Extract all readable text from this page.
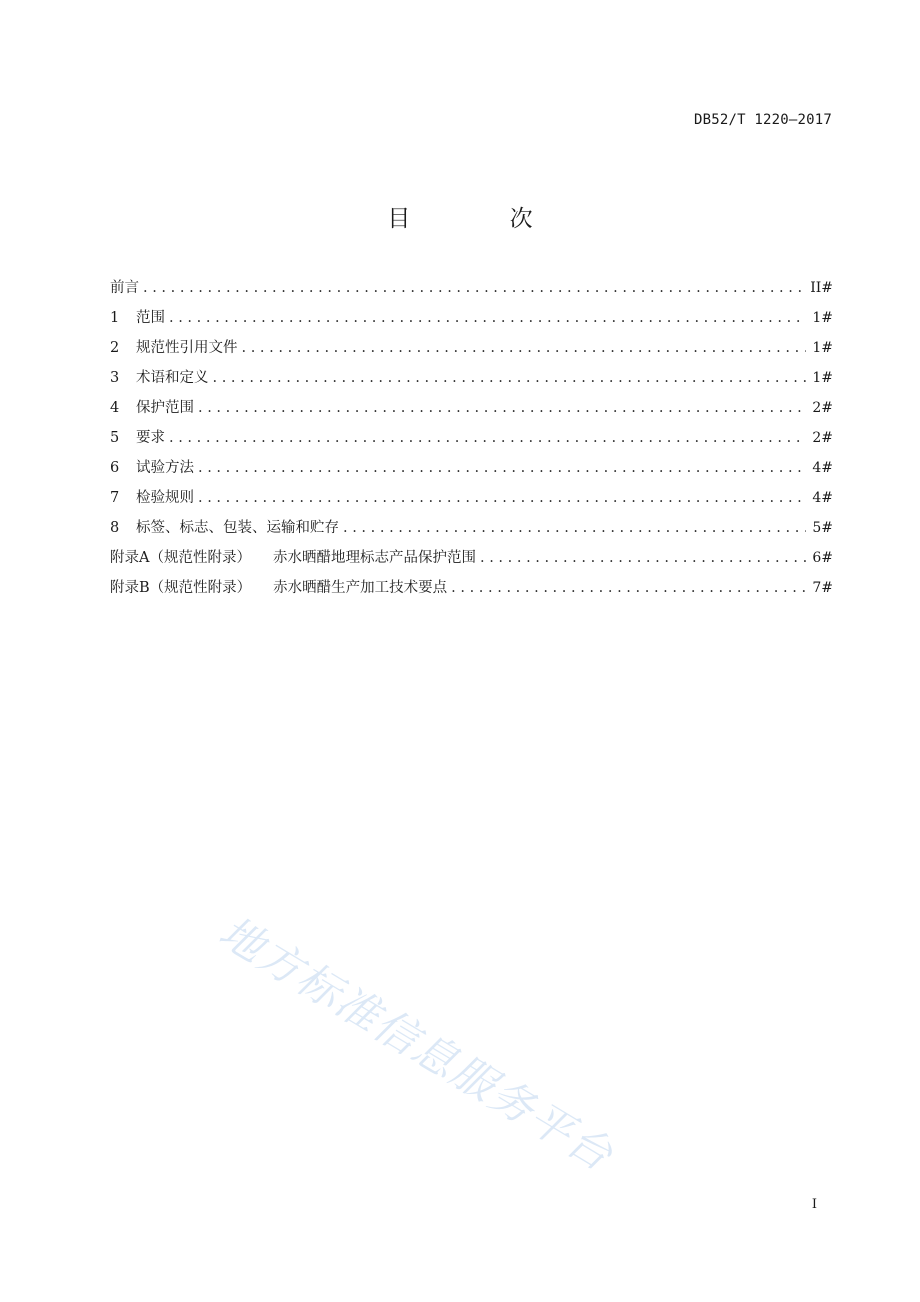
DB52/T 1220—2017
目 次
前言 . . .	II#
1	范围 . . .	1#
2	规范性引用文件 . . .	1#
3	术语和定义 . . .	1#
4	保护范围 . . .	2#
5	要求 . . .	2#
6	试验方法 . . .	4#
7	检验规则 . . .	4#
8	标签、标志、包装、运输和贮存 . . .	5#
附录A（规范性附录） 赤水晒醋地理标志产品保护范围 . . .	6#
附录B（规范性附录） 赤水晒醋生产加工技术要点 . . .	7#
地方标准信息服务平台
I
